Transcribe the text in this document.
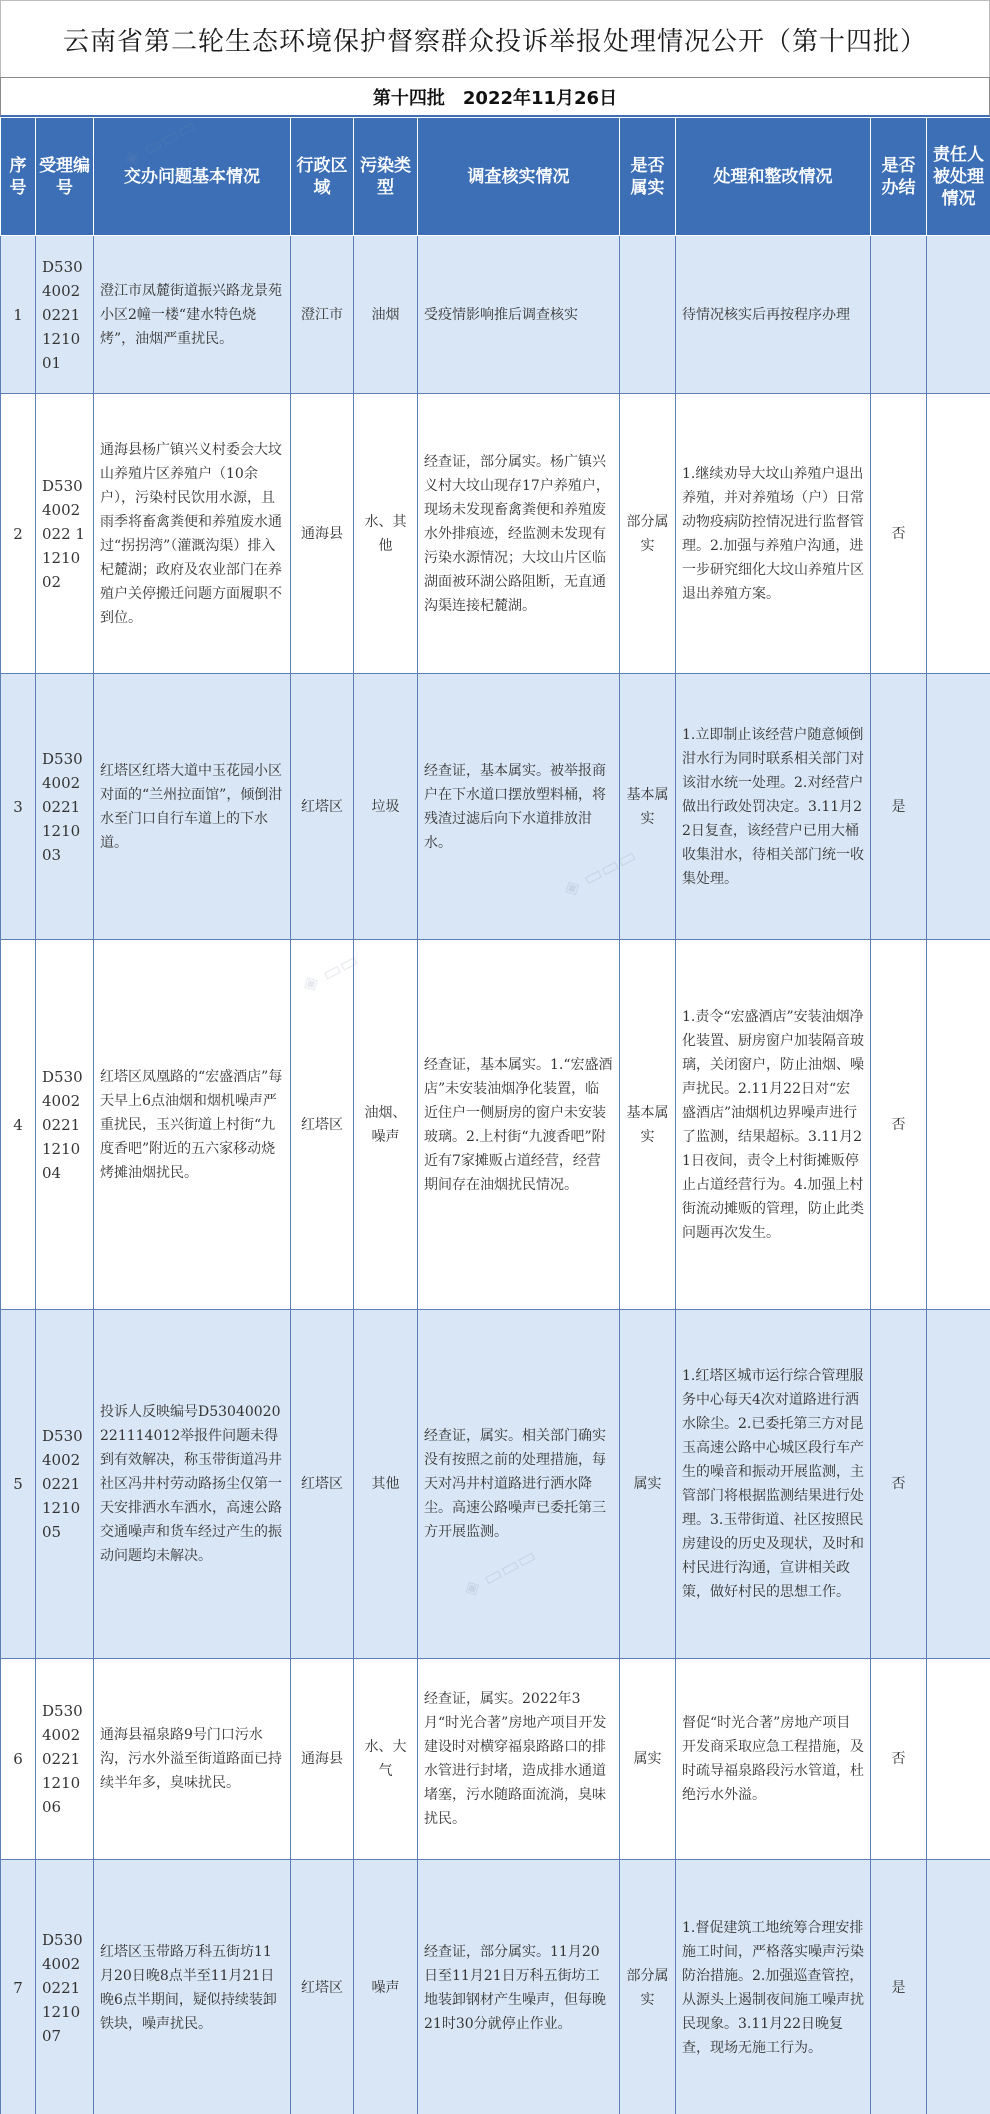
云南省第二轮生态环境保护督察群众投诉举报处理情况公开（第十四批）
第十四批　2022年11月26日
序号	受理编号	交办问题基本情况	行政区域	污染类型	调查核实情况	是否属实	处理和整改情况	是否办结	责任人被处理情况
1	D53040020221121001	澄江市凤麓街道振兴路龙景苑小区2幢一楼“建水特色烧烤”，油烟严重扰民。	澄江市	油烟	受疫情影响推后调查核实		待情况核实后再按程序办理		
2	D5304002022 1121002	通海县杨广镇兴义村委会大坟山养殖片区养殖户（10余户），污染村民饮用水源，且雨季将畜禽粪便和养殖废水通过“拐拐湾”（灌溉沟渠）排入杞麓湖；政府及农业部门在养殖户关停搬迁问题方面履职不到位。	通海县	水、其他	经查证，部分属实。杨广镇兴义村大坟山现存17户养殖户，现场未发现畜禽粪便和养殖废水外排痕迹，经监测未发现有污染水源情况；大坟山片区临湖面被环湖公路阻断，无直通沟渠连接杞麓湖。	部分属实	1.继续劝导大坟山养殖户退出养殖，并对养殖场（户）日常动物疫病防控情况进行监督管理。2.加强与养殖户沟通，进一步研究细化大坟山养殖片区退出养殖方案。	否	
3	D53040020221121003	红塔区红塔大道中玉花园小区对面的“兰州拉面馆”，倾倒泔水至门口自行车道上的下水道。	红塔区	垃圾	经查证，基本属实。被举报商户在下水道口摆放塑料桶，将残渣过滤后向下水道排放泔水。	基本属实	1.立即制止该经营户随意倾倒泔水行为同时联系相关部门对该泔水统一处理。2.对经营户做出行政处罚决定。3.11月22日复查，该经营户已用大桶收集泔水，待相关部门统一收集处理。	是	
4	D53040020221121004	红塔区凤凰路的“宏盛酒店”每天早上6点油烟和烟机噪声严重扰民，玉兴街道上村街“九度香吧”附近的五六家移动烧烤摊油烟扰民。	红塔区	油烟、噪声	经查证，基本属实。1.“宏盛酒店”未安装油烟净化装置，临近住户一侧厨房的窗户未安装玻璃。2.上村街“九渡香吧”附近有7家摊贩占道经营，经营期间存在油烟扰民情况。	基本属实	1.责令“宏盛酒店”安装油烟净化装置、厨房窗户加装隔音玻璃，关闭窗户，防止油烟、噪声扰民。2.11月22日对“宏盛酒店”油烟机边界噪声进行了监测，结果超标。3.11月21日夜间，责令上村街摊贩停止占道经营行为。4.加强上村街流动摊贩的管理，防止此类问题再次发生。	否	
5	D53040020221121005	投诉人反映编号D53040020221114012举报件问题未得到有效解决，称玉带街道冯井社区冯井村劳动路扬尘仅第一天安排洒水车洒水，高速公路交通噪声和货车经过产生的振动问题均未解决。	红塔区	其他	经查证，属实。相关部门确实没有按照之前的处理措施，每天对冯井村道路进行洒水降尘。高速公路噪声已委托第三方开展监测。	属实	1.红塔区城市运行综合管理服务中心每天4次对道路进行洒水除尘。2.已委托第三方对昆玉高速公路中心城区段行车产生的噪音和振动开展监测，主管部门将根据监测结果进行处理。3.玉带街道、社区按照民房建设的历史及现状，及时和村民进行沟通，宣讲相关政策，做好村民的思想工作。	否	
6	D53040020221121006	通海县福泉路9号门口污水沟，污水外溢至街道路面已持续半年多，臭味扰民。	通海县	水、大气	经查证，属实。2022年3月“时光合著”房地产项目开发建设时对横穿福泉路路口的排水管进行封堵，造成排水通道堵塞，污水随路面流淌，臭味扰民。	属实	督促“时光合著”房地产项目开发商采取应急工程措施，及时疏导福泉路段污水管道，杜绝污水外溢。	否	
7	D53040020221121007	红塔区玉带路万科五街坊11月20日晚8点半至11月21日晚6点半期间，疑似持续装卸铁块，噪声扰民。	红塔区	噪声	经查证，部分属实。11月20日至11月21日万科五街坊工地装卸钢材产生噪声，但每晚21时30分就停止作业。	部分属实	1.督促建筑工地统筹合理安排施工时间，严格落实噪声污染防治措施。2.加强巡查管控，从源头上遏制夜间施工噪声扰民现象。3.11月22日晚复查，现场无施工行为。	是	
